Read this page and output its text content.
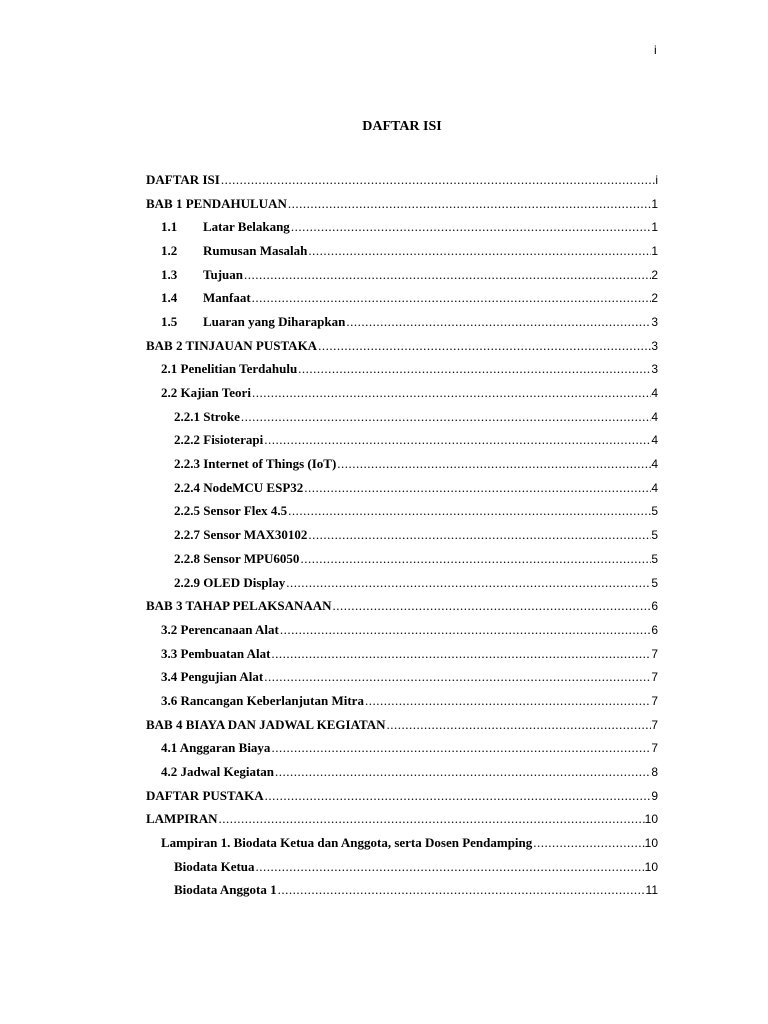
i
DAFTAR ISI
DAFTAR ISI .....	i
BAB 1 PENDAHULUAN .....	1
1.1	Latar Belakang .....	1
1.2	Rumusan Masalah .....	1
1.3	Tujuan .....	2
1.4	Manfaat .....	2
1.5	Luaran yang Diharapkan .....	3
BAB 2 TINJAUAN PUSTAKA .....	3
2.1 Penelitian Terdahulu .....	3
2.2 Kajian Teori .....	4
2.2.1 Stroke .....	4
2.2.2 Fisioterapi .....	4
2.2.3 Internet of Things (IoT) .....	4
2.2.4 NodeMCU ESP32 .....	4
2.2.5 Sensor Flex 4.5 .....	5
2.2.7 Sensor MAX30102 .....	5
2.2.8 Sensor MPU6050 .....	5
2.2.9 OLED Display .....	5
BAB 3 TAHAP PELAKSANAAN .....	6
3.2 Perencanaan Alat .....	6
3.3 Pembuatan Alat .....	7
3.4 Pengujian Alat .....	7
3.6 Rancangan Keberlanjutan Mitra .....	7
BAB 4 BIAYA DAN JADWAL KEGIATAN .....	7
4.1 Anggaran Biaya .....	7
4.2 Jadwal Kegiatan .....	8
DAFTAR PUSTAKA .....	9
LAMPIRAN .....	10
Lampiran 1. Biodata Ketua dan Anggota, serta Dosen Pendamping .....	10
Biodata Ketua .....	10
Biodata Anggota 1 .....	11
